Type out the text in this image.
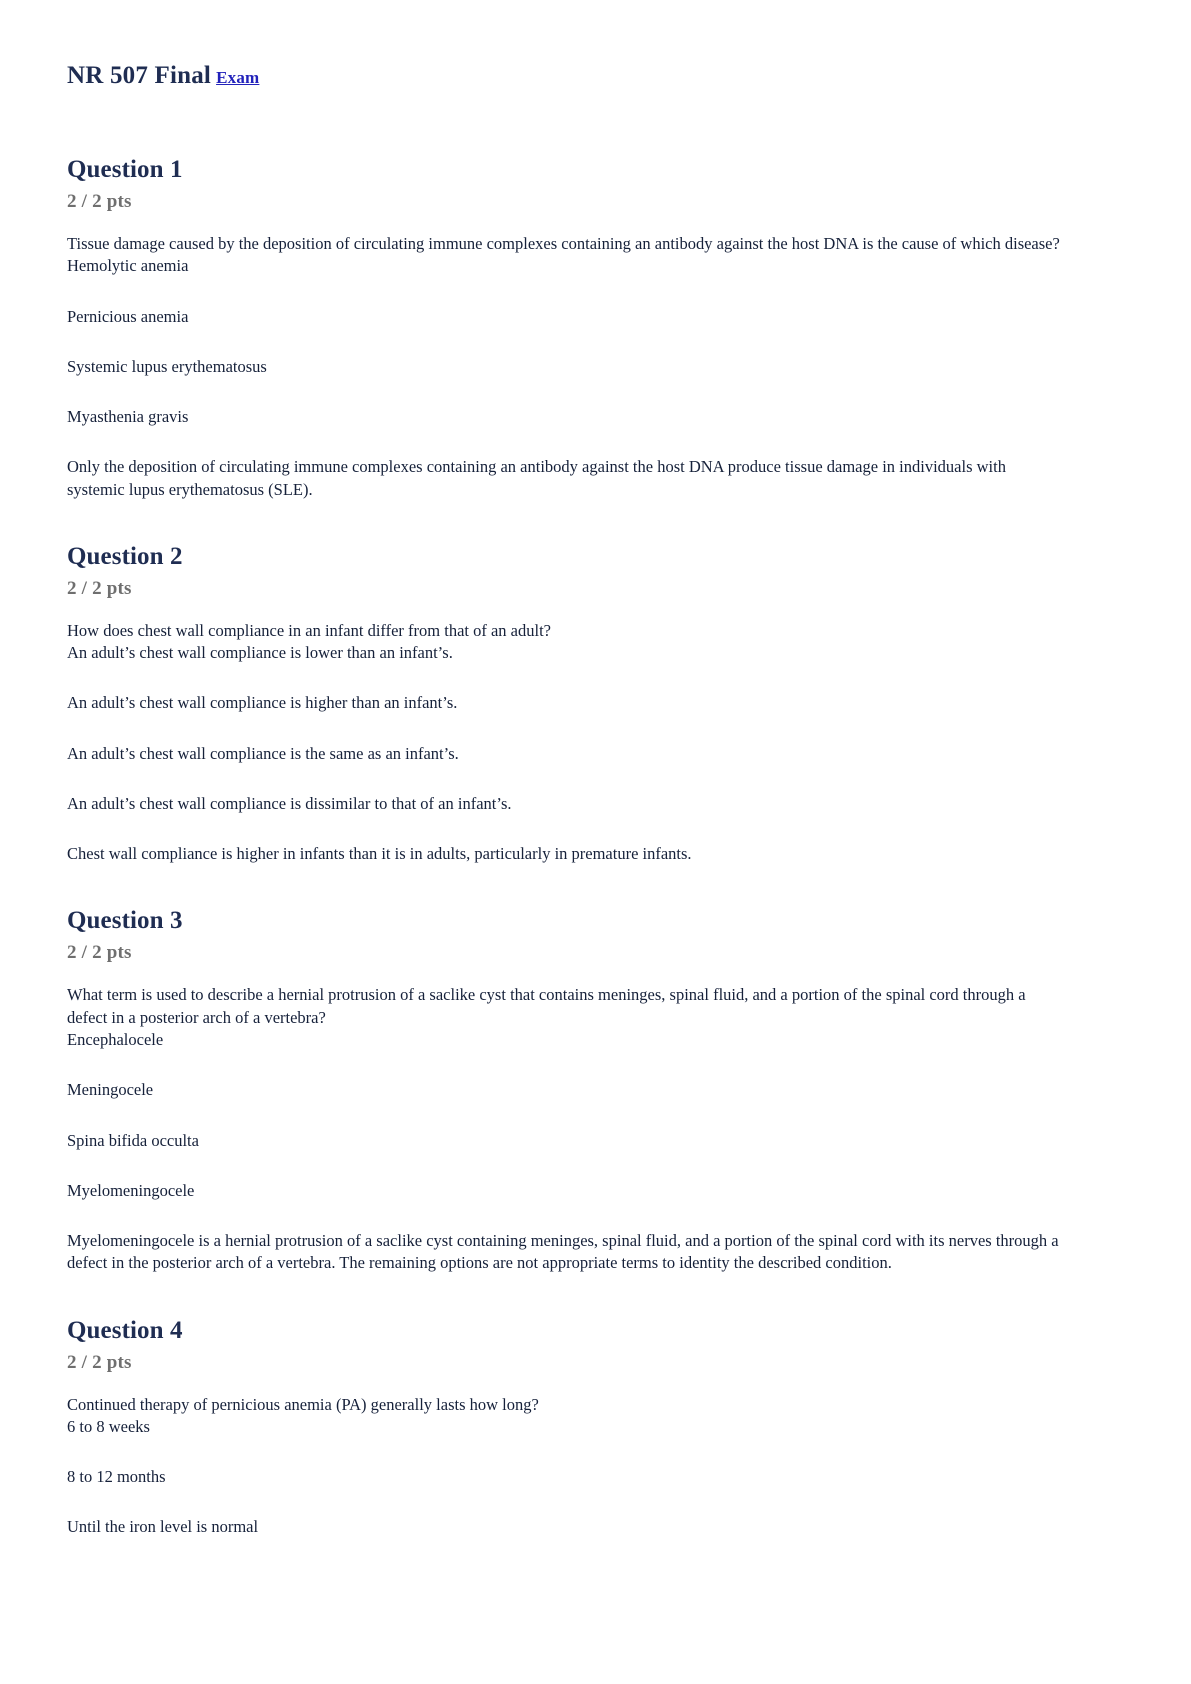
NR 507 Final Exam
Question 1
2 / 2 pts
Tissue damage caused by the deposition of circulating immune complexes containing an antibody against the host DNA is the cause of which disease?
Hemolytic anemia
Pernicious anemia
Systemic lupus erythematosus
Myasthenia gravis
Only the deposition of circulating immune complexes containing an antibody against the host DNA produce tissue damage in individuals with systemic lupus erythematosus (SLE).
Question 2
2 / 2 pts
How does chest wall compliance in an infant differ from that of an adult?
An adult’s chest wall compliance is lower than an infant’s.
An adult’s chest wall compliance is higher than an infant’s.
An adult’s chest wall compliance is the same as an infant’s.
An adult’s chest wall compliance is dissimilar to that of an infant’s.
Chest wall compliance is higher in infants than it is in adults, particularly in premature infants.
Question 3
2 / 2 pts
What term is used to describe a hernial protrusion of a saclike cyst that contains meninges, spinal fluid, and a portion of the spinal cord through a defect in a posterior arch of a vertebra?
Encephalocele
Meningocele
Spina bifida occulta
Myelomeningocele
Myelomeningocele is a hernial protrusion of a saclike cyst containing meninges, spinal fluid, and a portion of the spinal cord with its nerves through a defect in the posterior arch of a vertebra. The remaining options are not appropriate terms to identity the described condition.
Question 4
2 / 2 pts
Continued therapy of pernicious anemia (PA) generally lasts how long?
6 to 8 weeks
8 to 12 months
Until the iron level is normal
